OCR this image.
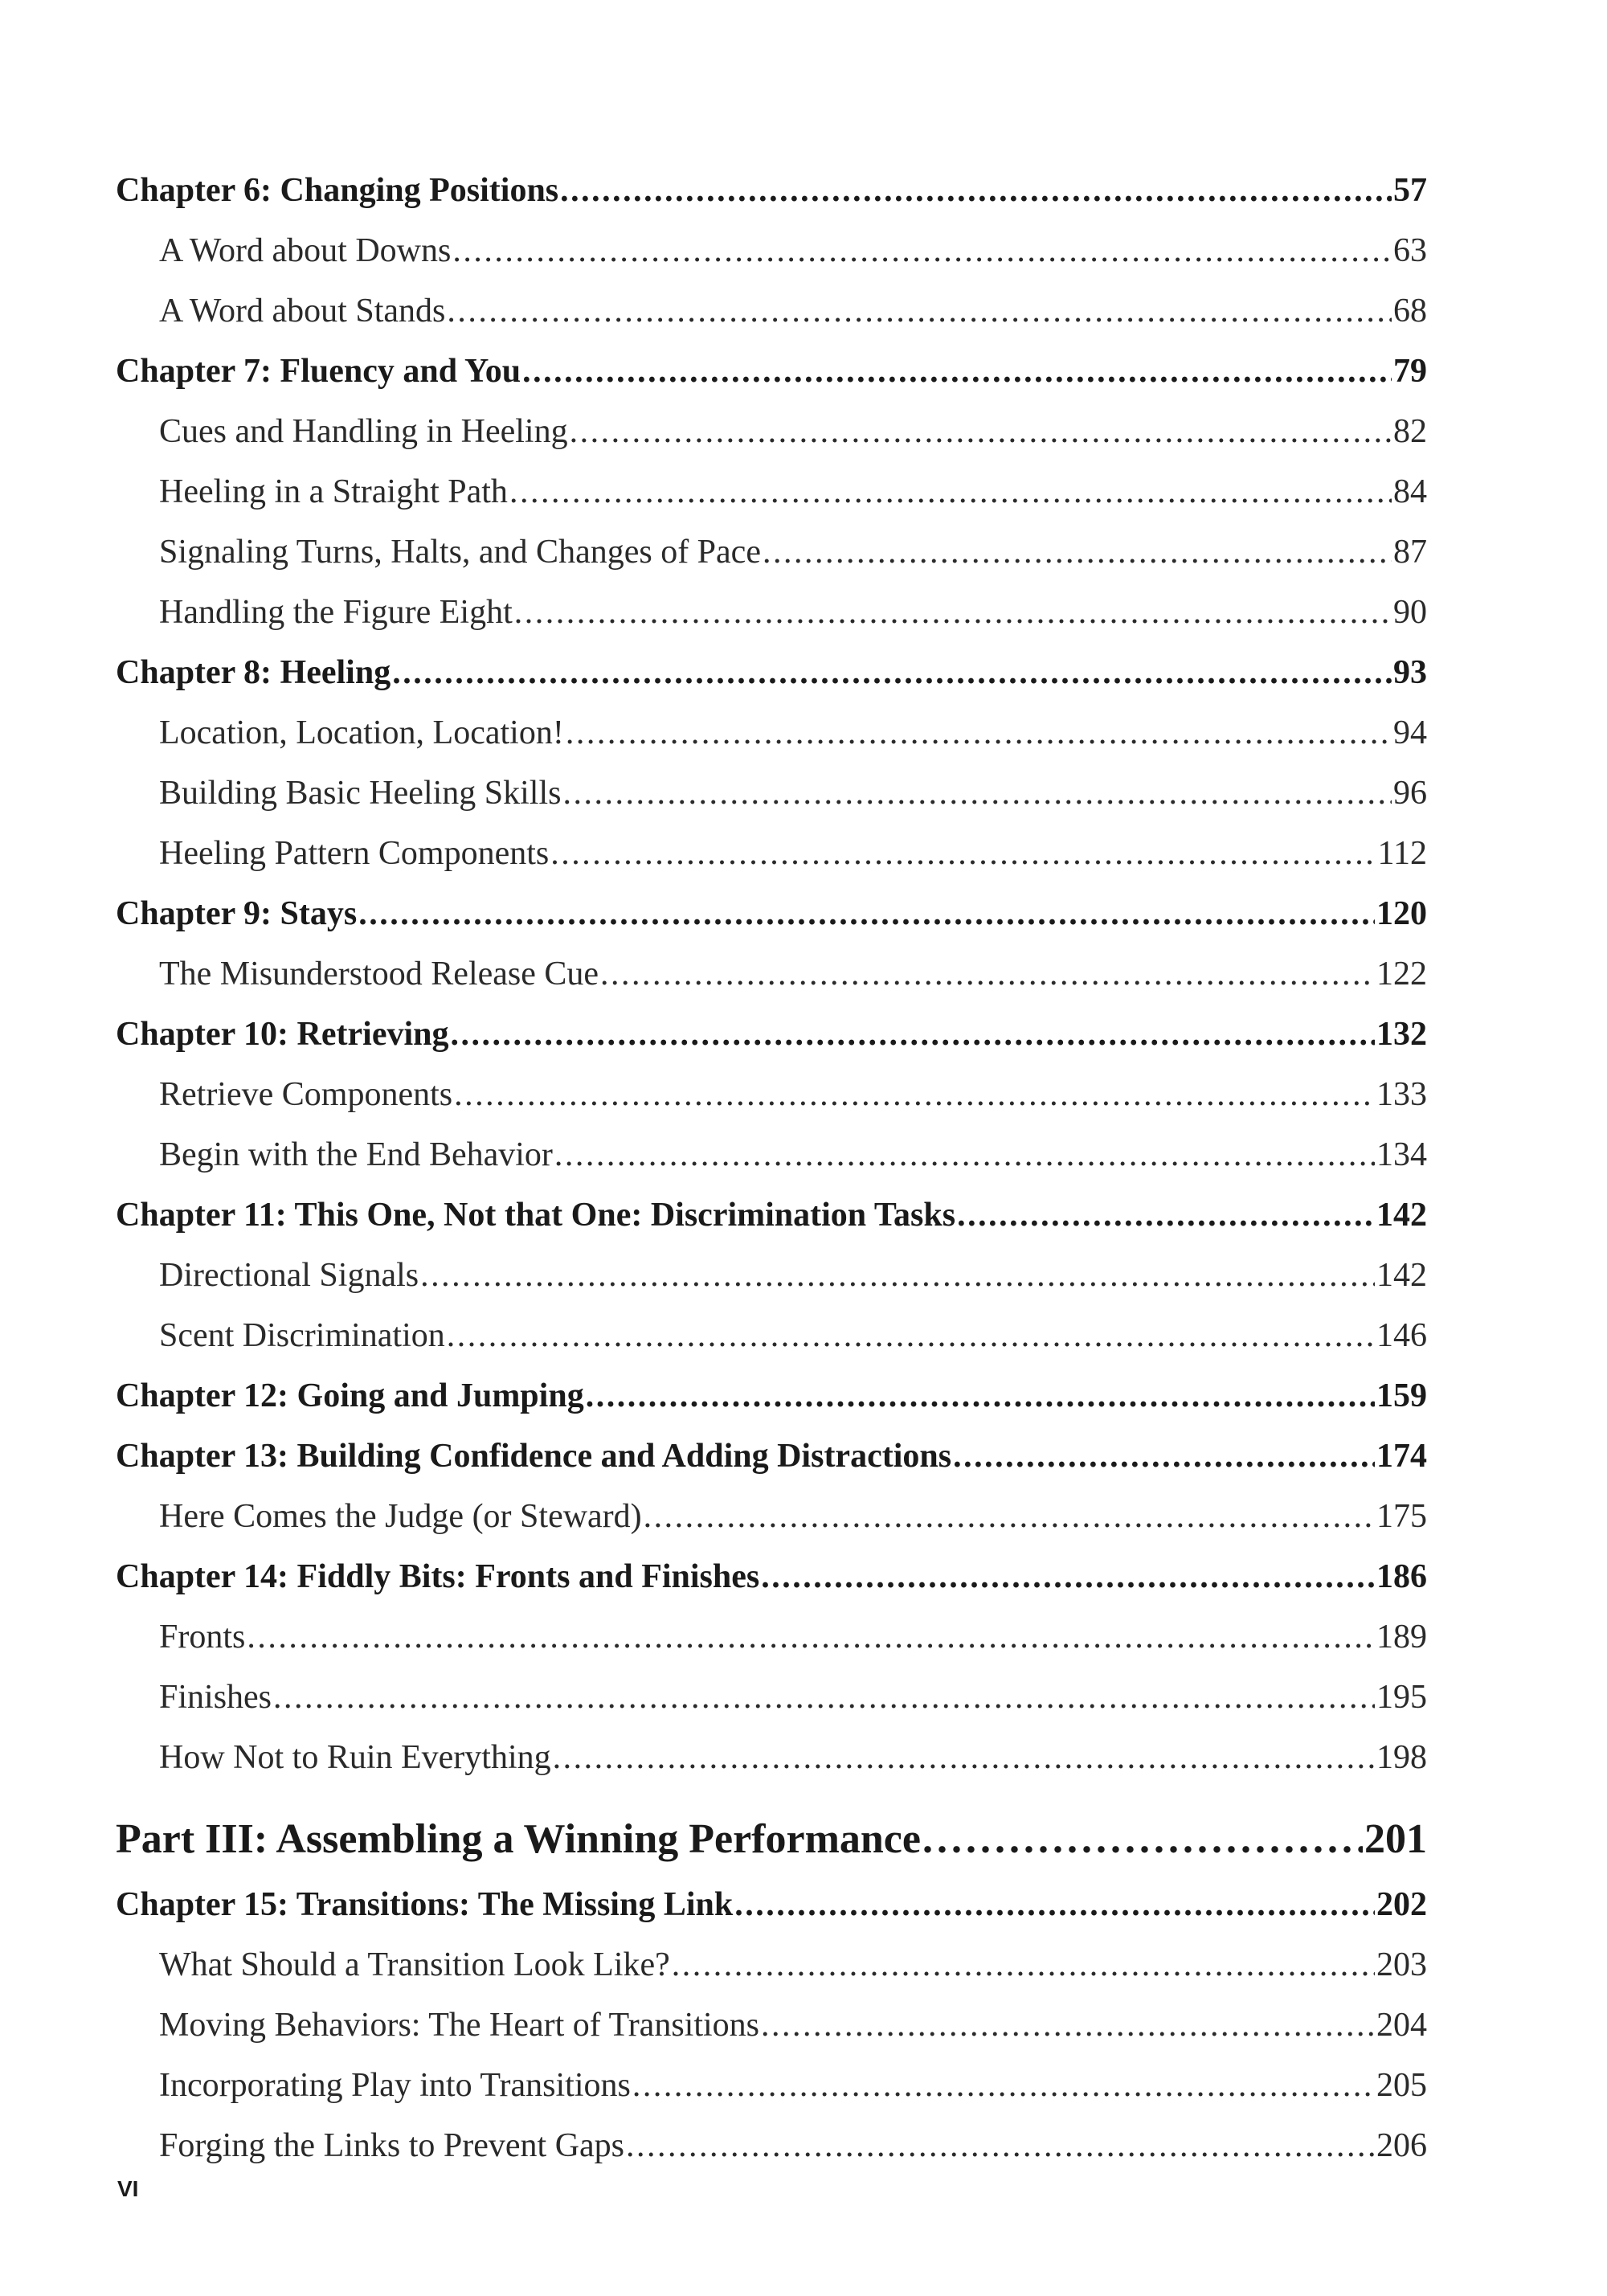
Chapter 6: Changing Positions . . .	57
A Word about Downs . . .	63
A Word about Stands . . .	68
Chapter 7: Fluency and You . . .	79
Cues and Handling in Heeling . . .	82
Heeling in a Straight Path . . .	84
Signaling Turns, Halts, and Changes of Pace . . .	87
Handling the Figure Eight . . .	90
Chapter 8: Heeling . . .	93
Location, Location, Location! . . .	94
Building Basic Heeling Skills . . .	96
Heeling Pattern Components . . .	112
Chapter 9: Stays . . .	120
The Misunderstood Release Cue . . .	122
Chapter 10: Retrieving . . .	132
Retrieve Components . . .	133
Begin with the End Behavior . . .	134
Chapter 11: This One, Not that One: Discrimination Tasks . . .	142
Directional Signals . . .	142
Scent Discrimination . . .	146
Chapter 12: Going and Jumping . . .	159
Chapter 13: Building Confidence and Adding Distractions . . .	174
Here Comes the Judge (or Steward) . . .	175
Chapter 14: Fiddly Bits: Fronts and Finishes . . .	186
Fronts . . .	189
Finishes . . .	195
How Not to Ruin Everything . . .	198
Part III: Assembling a Winning Performance . . .	201
Chapter 15: Transitions: The Missing Link . . .	202
What Should a Transition Look Like? . . .	203
Moving Behaviors: The Heart of Transitions . . .	204
Incorporating Play into Transitions . . .	205
Forging the Links to Prevent Gaps . . .	206
VI
